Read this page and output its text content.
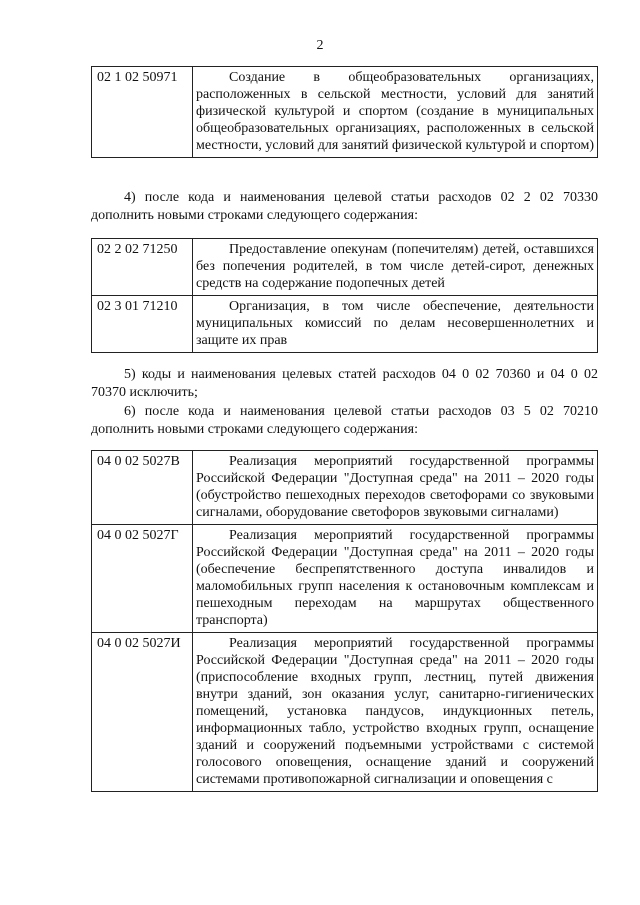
2
02 1 02 50971	Создание в общеобразовательных организациях, расположенных в сельской местности, условий для занятий физической культурой и спортом (создание в муниципальных общеобразовательных организациях, расположенных в сельской местности, условий для занятий физической культурой и спортом)

4) после кода и наименования целевой статьи расходов 02 2 02 70330 дополнить новыми строками следующего содержания:

02 2 02 71250	Предоставление опекунам (попечителям) детей, оставшихся без попечения родителей, в том числе детей-сирот, денежных средств на содержание подопечных детей
02 3 01 71210	Организация, в том числе обеспечение, деятельности муниципальных комиссий по делам несовершеннолетних и защите их прав

5) коды и наименования целевых статей расходов 04 0 02 70360 и 04 0 02 70370 исключить;

6) после кода и наименования целевой статьи расходов 03 5 02 70210 дополнить новыми строками следующего содержания:

04 0 02 5027В	Реализация мероприятий государственной программы Российской Федерации "Доступная среда" на 2011 – 2020 годы (обустройство пешеходных переходов светофорами со звуковыми сигналами, оборудование светофоров звуковыми сигналами)
04 0 02 5027Г	Реализация мероприятий государственной программы Российской Федерации "Доступная среда" на 2011 – 2020 годы (обеспечение беспрепятственного доступа инвалидов и маломобильных групп населения к остановочным комплексам и пешеходным переходам на маршрутах общественного транспорта)
04 0 02 5027И	Реализация мероприятий государственной программы Российской Федерации "Доступная среда" на 2011 – 2020 годы (приспособление входных групп, лестниц, путей движения внутри зданий, зон оказания услуг, санитарно-гигиенических помещений, установка пандусов, индукционных петель, информационных табло, устройство входных групп, оснащение зданий и сооружений подъемными устройствами с системой голосового оповещения, оснащение зданий и сооружений системами противопожарной сигнализации и оповещения с
